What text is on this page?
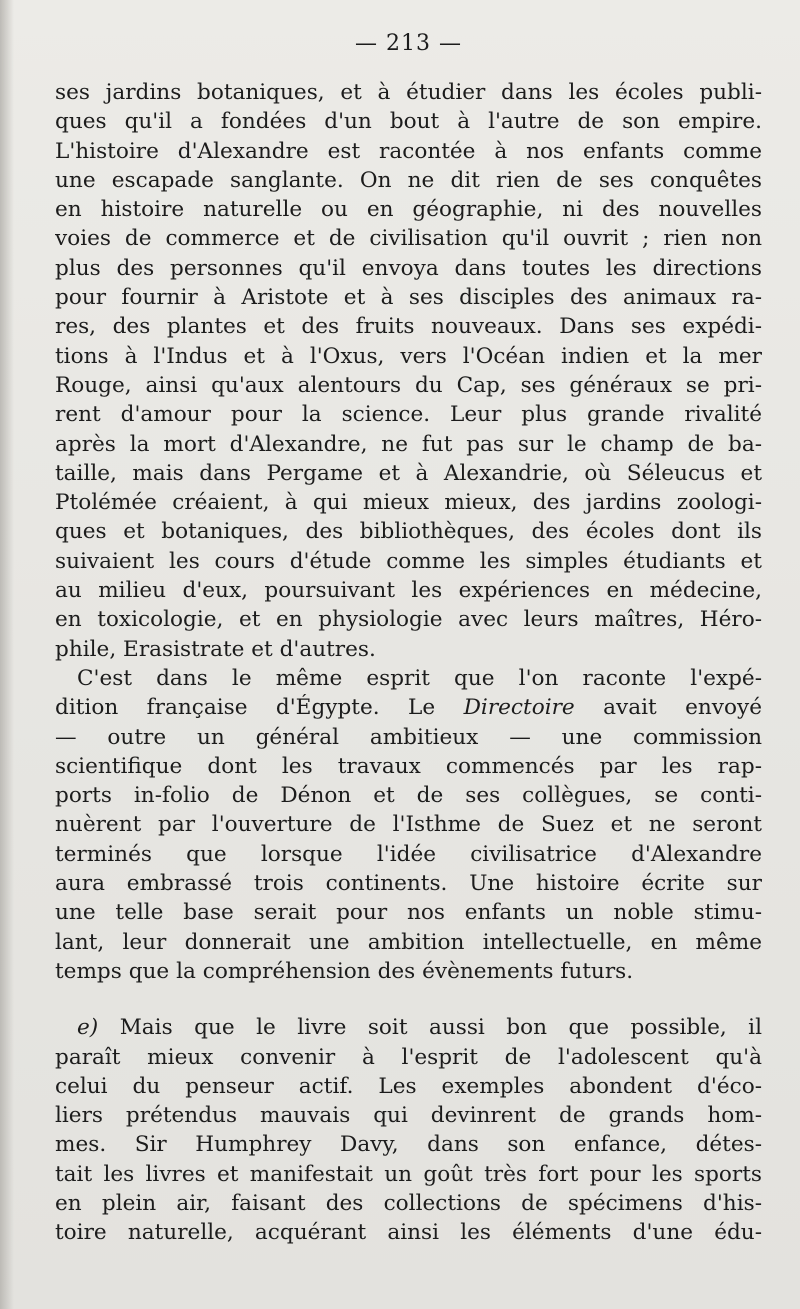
— 213 —
ses jardins botaniques, et à étudier dans les écoles publi-
ques qu'il a fondées d'un bout à l'autre de son empire.
L'histoire d'Alexandre est racontée à nos enfants comme
une escapade sanglante. On ne dit rien de ses conquêtes
en histoire naturelle ou en géographie, ni des nouvelles
voies de commerce et de civilisation qu'il ouvrit ; rien non
plus des personnes qu'il envoya dans toutes les directions
pour fournir à Aristote et à ses disciples des animaux ra-
res, des plantes et des fruits nouveaux. Dans ses expédi-
tions à l'Indus et à l'Oxus, vers l'Océan indien et la mer
Rouge, ainsi qu'aux alentours du Cap, ses généraux se pri-
rent d'amour pour la science. Leur plus grande rivalité
après la mort d'Alexandre, ne fut pas sur le champ de ba-
taille, mais dans Pergame et à Alexandrie, où Séleucus et
Ptolémée créaient, à qui mieux mieux, des jardins zoologi-
ques et botaniques, des bibliothèques, des écoles dont ils
suivaient les cours d'étude comme les simples étudiants et
au milieu d'eux, poursuivant les expériences en médecine,
en toxicologie, et en physiologie avec leurs maîtres, Héro-
phile, Erasistrate et d'autres.
C'est dans le même esprit que l'on raconte l'expé-
dition française d'Égypte. Le Directoire avait envoyé
— outre un général ambitieux — une commission
scientifique dont les travaux commencés par les rap-
ports in-folio de Dénon et de ses collègues, se conti-
nuèrent par l'ouverture de l'Isthme de Suez et ne seront
terminés que lorsque l'idée civilisatrice d'Alexandre
aura embrassé trois continents. Une histoire écrite sur
une telle base serait pour nos enfants un noble stimu-
lant, leur donnerait une ambition intellectuelle, en même
temps que la compréhension des évènements futurs.
e) Mais que le livre soit aussi bon que possible, il
paraît mieux convenir à l'esprit de l'adolescent qu'à
celui du penseur actif. Les exemples abondent d'éco-
liers prétendus mauvais qui devinrent de grands hom-
mes. Sir Humphrey Davy, dans son enfance, détes-
tait les livres et manifestait un goût très fort pour les sports
en plein air, faisant des collections de spécimens d'his-
toire naturelle, acquérant ainsi les éléments d'une édu-
